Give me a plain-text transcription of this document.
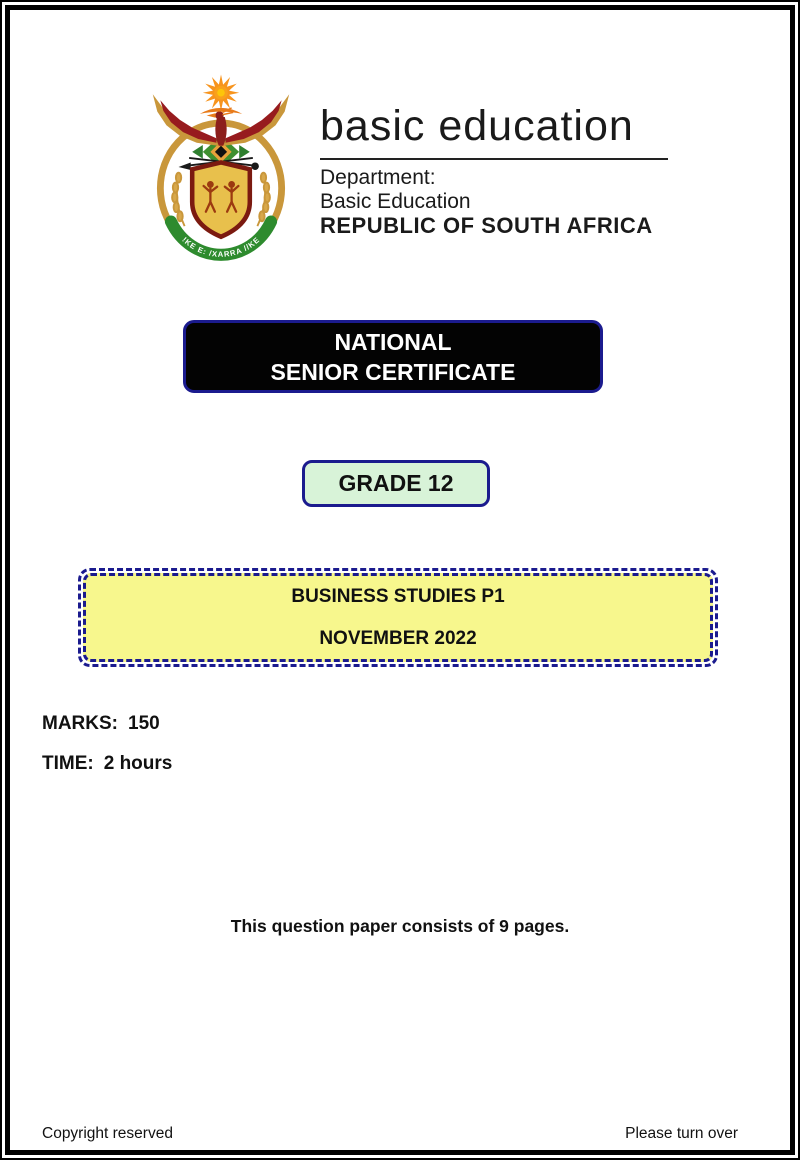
!KE E: /XARRA //KE
basic education
Department:
Basic Education
REPUBLIC OF SOUTH AFRICA
NATIONAL
SENIOR CERTIFICATE
GRADE 12
BUSINESS STUDIES P1
NOVEMBER 2022
MARKS: 150
TIME: 2 hours
This question paper consists of 9 pages.
Copyright reserved	Please turn over
